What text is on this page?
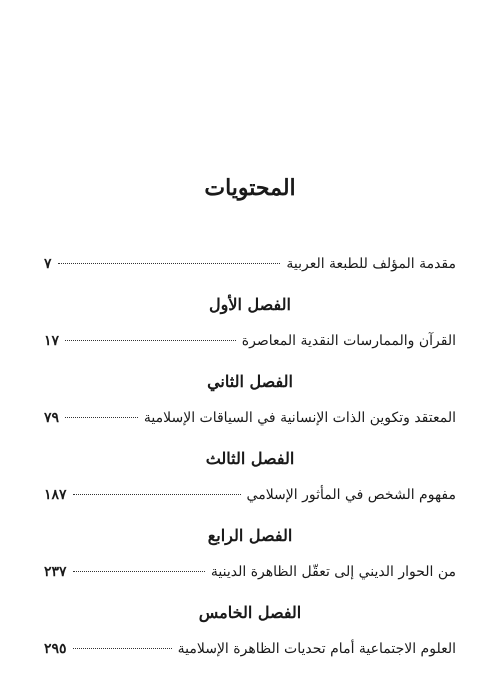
المحتويات
مقدمة المؤلف للطبعة العربية
٧
الفصل الأول
القرآن والممارسات النقدية المعاصرة
١٧
الفصل الثاني
المعتقد وتكوين الذات الإنسانية في السياقات الإسلامية
٧٩
الفصل الثالث
مفهوم الشخص في المأثور الإسلامي
١٨٧
الفصل الرابع
من الحوار الديني إلى تعقّل الظاهرة الدينية
٢٣٧
الفصل الخامس
العلوم الاجتماعية أمام تحديات الظاهرة الإسلامية
٢٩٥
